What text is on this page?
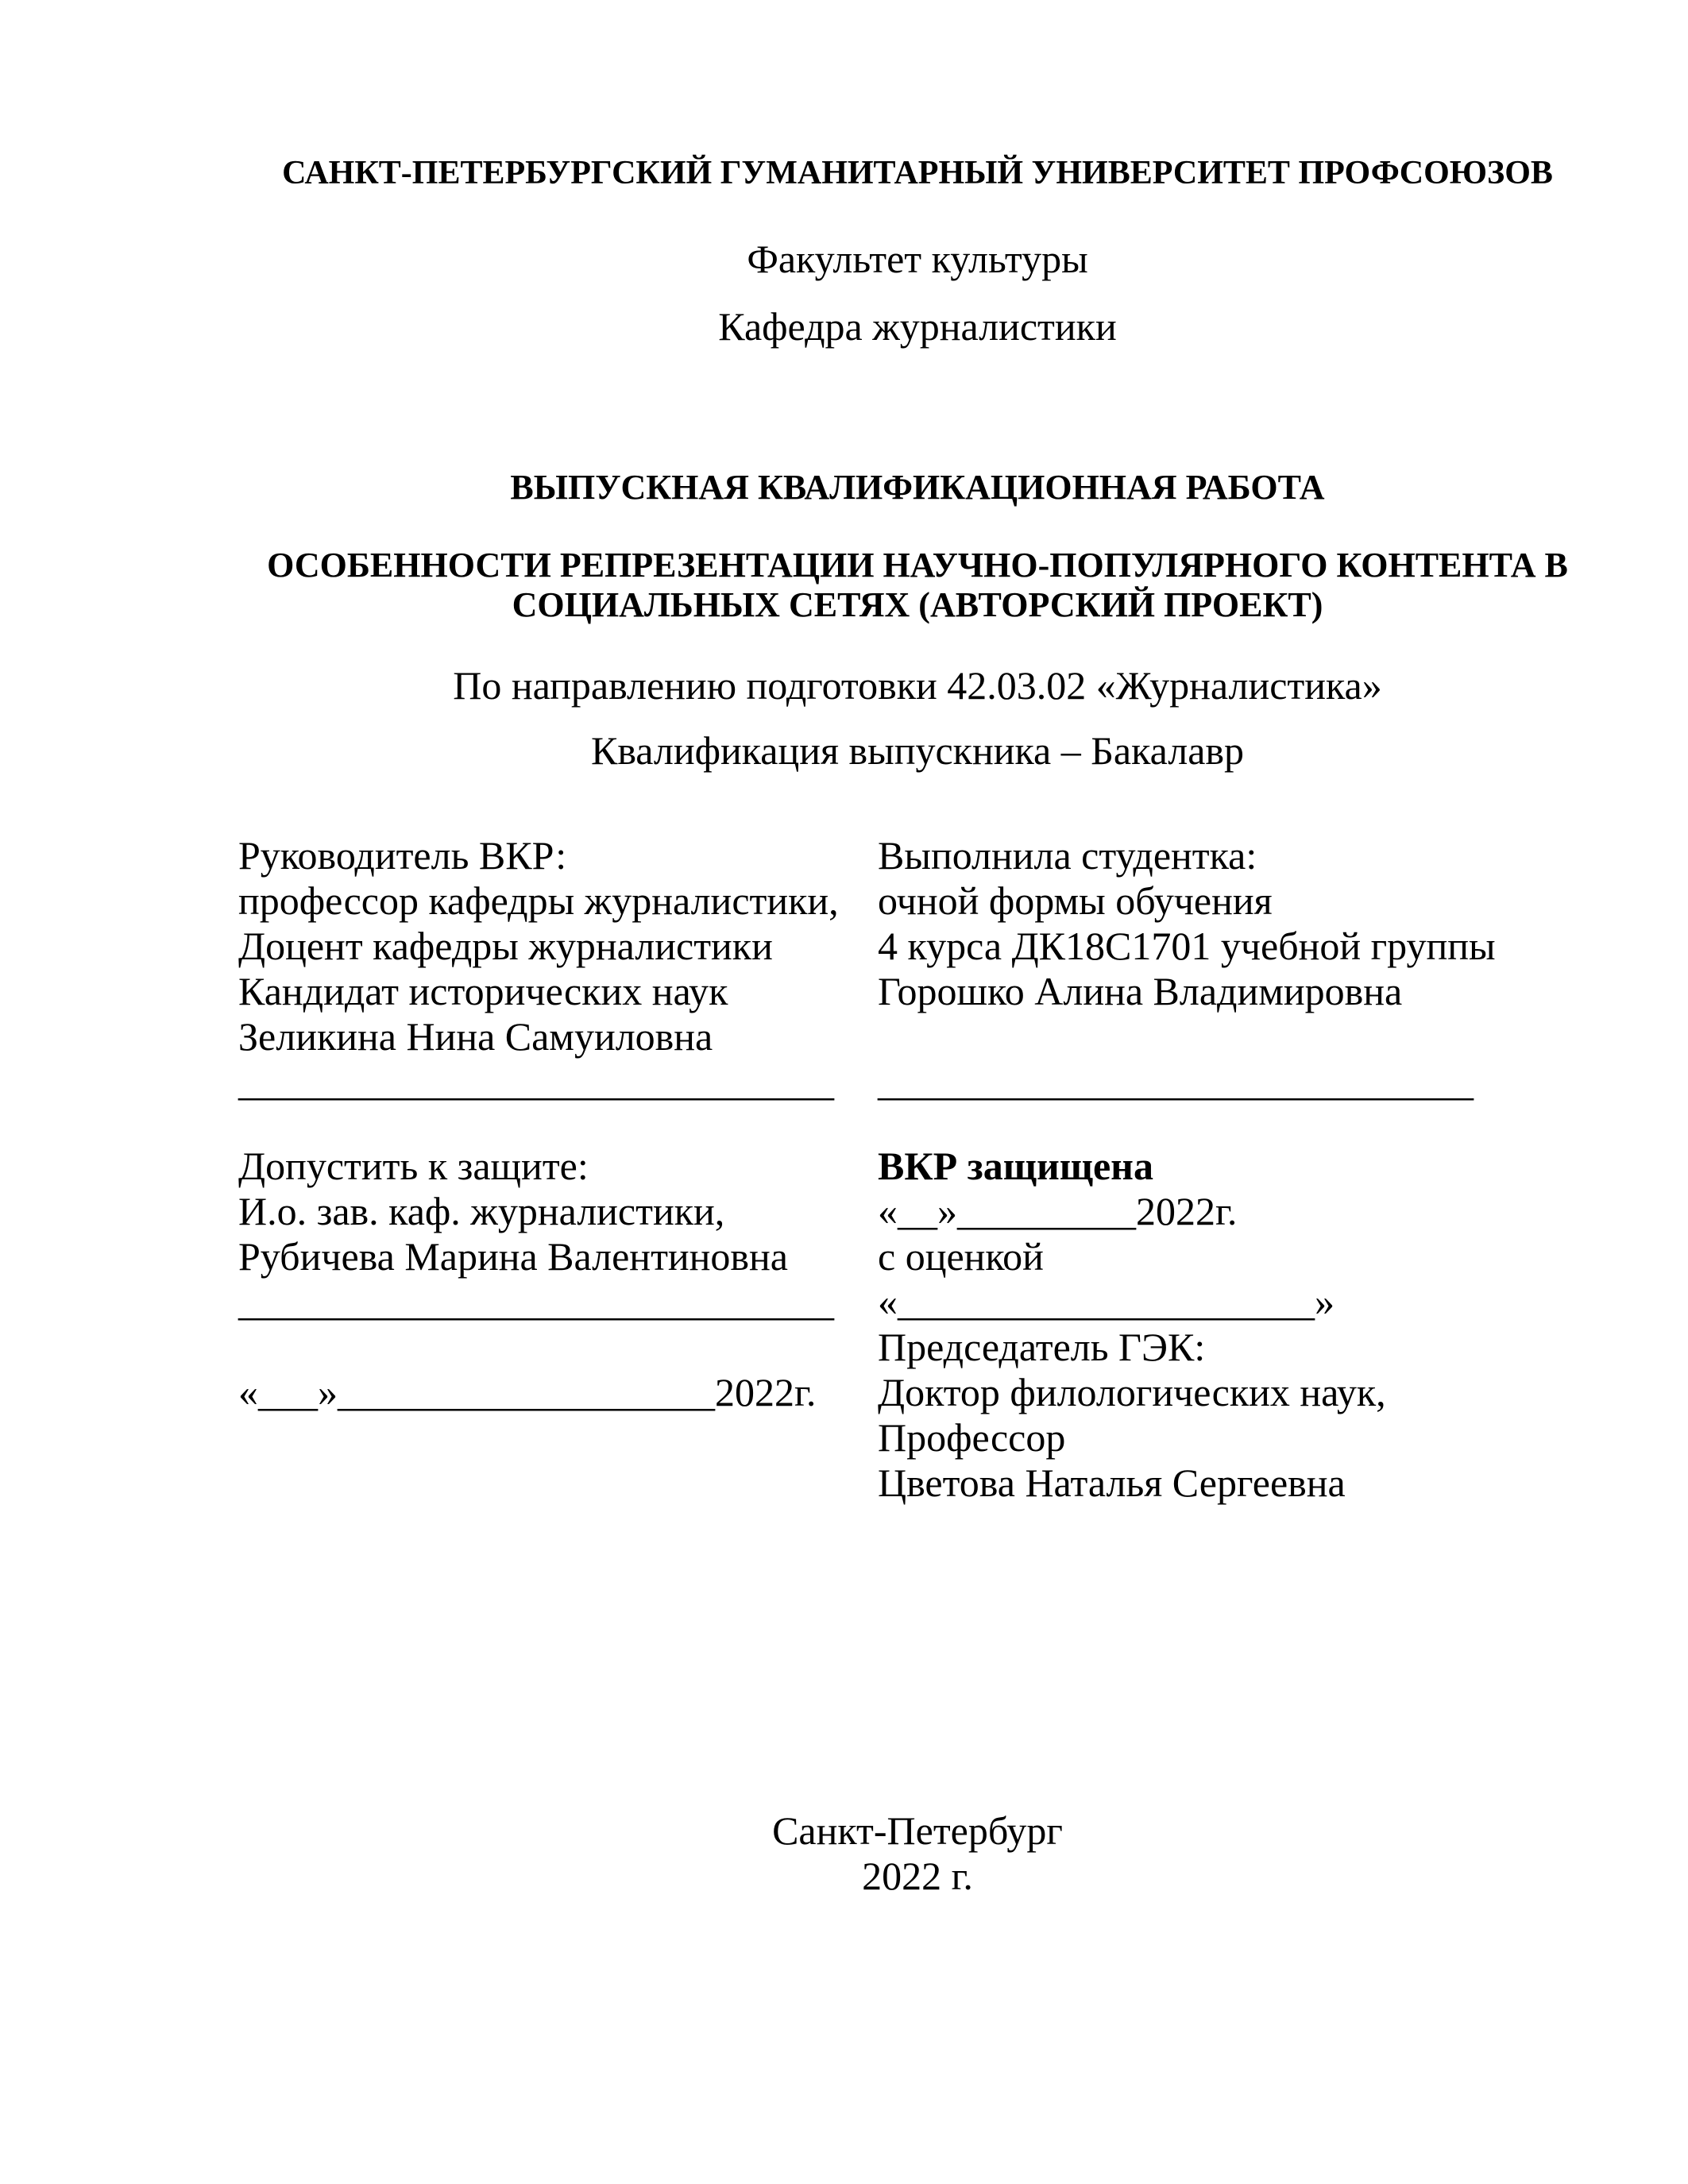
САНКТ-ПЕТЕРБУРГСКИЙ ГУМАНИТАРНЫЙ УНИВЕРСИТЕТ ПРОФСОЮЗОВ
Факультет культуры
Кафедра журналистики
ВЫПУСКНАЯ КВАЛИФИКАЦИОННАЯ РАБОТА
ОСОБЕННОСТИ РЕПРЕЗЕНТАЦИИ НАУЧНО-ПОПУЛЯРНОГО КОНТЕНТА В
СОЦИАЛЬНЫХ СЕТЯХ (АВТОРСКИЙ ПРОЕКТ)
По направлению подготовки 42.03.02 «Журналистика»
Квалификация выпускника – Бакалавр
Руководитель ВКР:
профессор кафедры журналистики,
Доцент кафедры журналистики
Кандидат исторических наук
Зеликина Нина Самуиловна
______________________________
Выполнила студентка:
очной формы обучения
4 курса ДК18С1701 учебной группы
Горошко Алина Владимировна
______________________________
Допустить к защите:
И.о. зав. каф. журналистики,
Рубичева Марина Валентиновна
______________________________
«___»___________________2022г.
ВКР защищена
«__»_________2022г.
с оценкой
«_____________________»
Председатель ГЭК:
Доктор филологических наук,
Профессор
Цветова Наталья Сергеевна
Санкт-Петербург
2022 г.
